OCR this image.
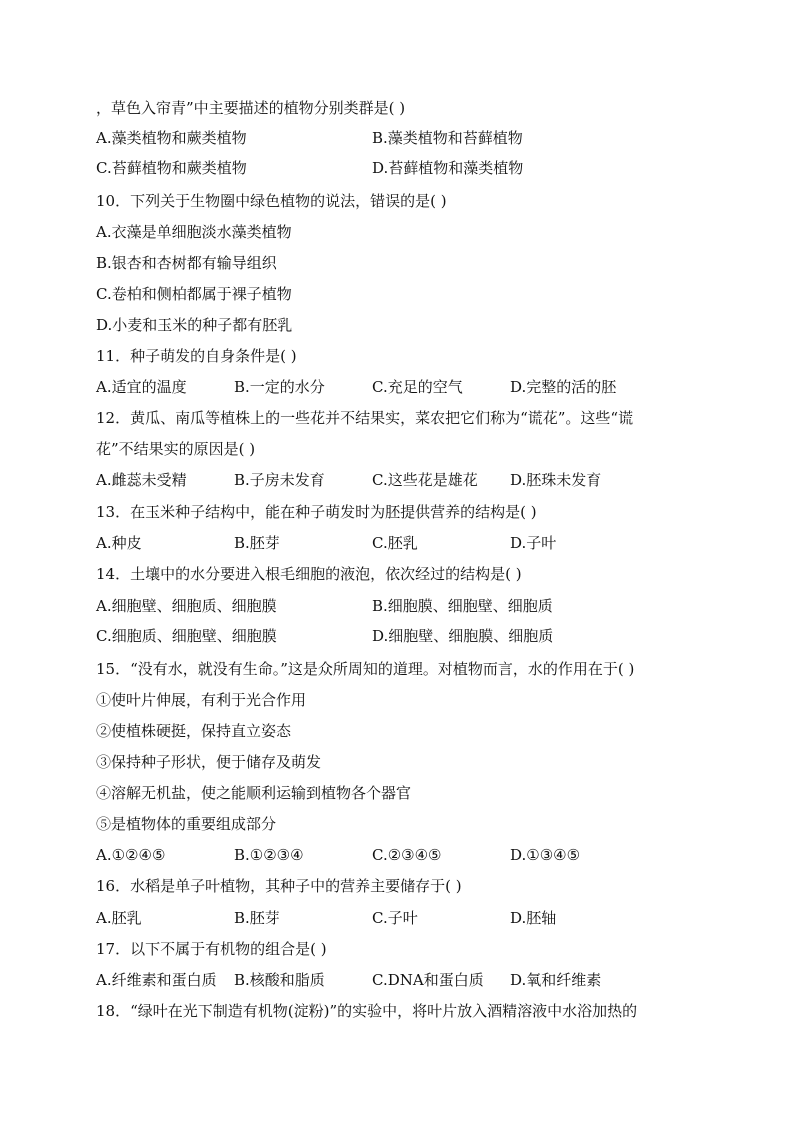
，草色入帘青”中主要描述的植物分别类群是( )
A.藻类植物和蕨类植物	B.藻类植物和苔藓植物
C.苔藓植物和蕨类植物	D.苔藓植物和藻类植物
10．下列关于生物圈中绿色植物的说法，错误的是( )
A.衣藻是单细胞淡水藻类植物
B.银杏和杏树都有输导组织
C.卷柏和侧柏都属于裸子植物
D.小麦和玉米的种子都有胚乳
11．种子萌发的自身条件是( )
A.适宜的温度	B.一定的水分	C.充足的空气	D.完整的活的胚
12．黄瓜、南瓜等植株上的一些花并不结果实，菜农把它们称为“谎花”。这些“谎
花”不结果实的原因是( )
A.雌蕊未受精	B.子房未发育	C.这些花是雄花 D.胚珠未发育
13．在玉米种子结构中，能在种子萌发时为胚提供营养的结构是( )
A.种皮	B.胚芽	C.胚乳	D.子叶
14．土壤中的水分要进入根毛细胞的液泡，依次经过的结构是( )
A.细胞壁、细胞质、细胞膜	B.细胞膜、细胞壁、细胞质
C.细胞质、细胞壁、细胞膜	D.细胞壁、细胞膜、细胞质
15．“没有水，就没有生命。”这是众所周知的道理。对植物而言，水的作用在于( )
①使叶片伸展，有利于光合作用
②使植株硬挺，保持直立姿态
③保持种子形状，便于储存及萌发
④溶解无机盐，使之能顺利运输到植物各个器官
⑤是植物体的重要组成部分
A.①②④⑤	B.①②③④	C.②③④⑤	D.①③④⑤
16．水稻是单子叶植物，其种子中的营养主要储存于( )
A.胚乳	B.胚芽	C.子叶	D.胚轴
17．以下不属于有机物的组合是( )
A.纤维素和蛋白质 B.核酸和脂质	C.DNA和蛋白质 D.氧和纤维素
18．“绿叶在光下制造有机物(淀粉)”的实验中，将叶片放入酒精溶液中水浴加热的
